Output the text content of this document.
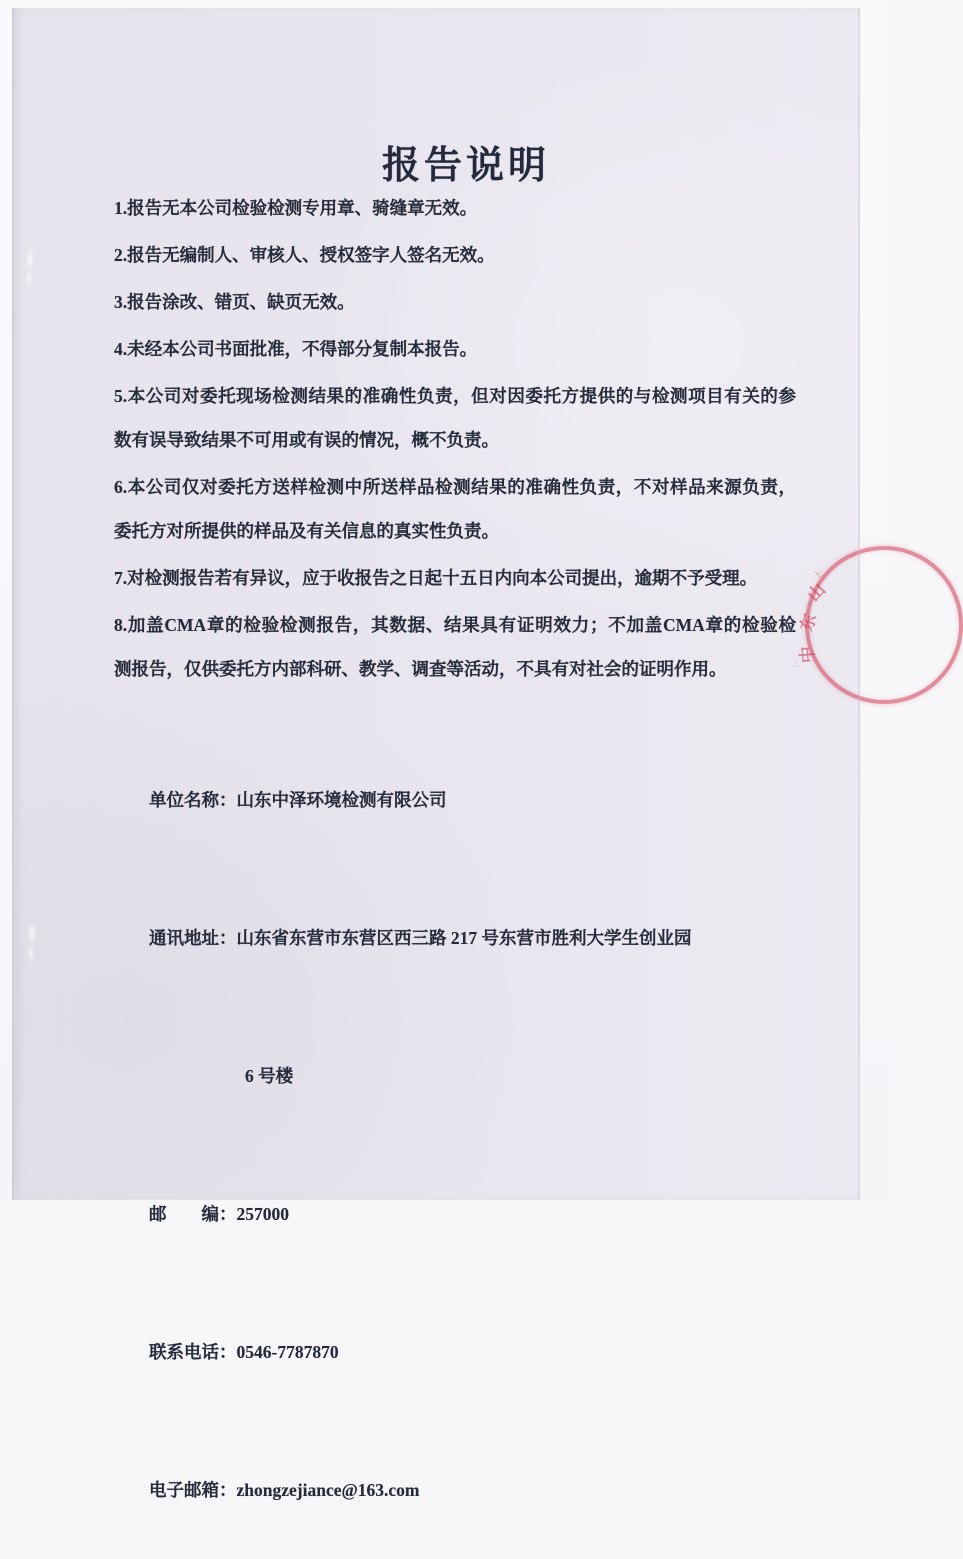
报告说明

1.报告无本公司检验检测专用章、骑缝章无效。

2.报告无编制人、审核人、授权签字人签名无效。

3.报告涂改、错页、缺页无效。

4.未经本公司书面批准，不得部分复制本报告。

5.本公司对委托现场检测结果的准确性负责，但对因委托方提供的与检测项目有关的参

数有误导致结果不可用或有误的情况，概不负责。

6.本公司仅对委托方送样检测中所送样品检测结果的准确性负责，不对样品来源负责，

委托方对所提供的样品及有关信息的真实性负责。

7.对检测报告若有异议，应于收报告之日起十五日内向本公司提出，逾期不予受理。

8.加盖CMA章的检验检测报告，其数据、结果具有证明效力；不加盖CMA章的检验检

测报告，仅供委托方内部科研、教学、调查等活动，不具有对社会的证明作用。

单位名称：山东中泽环境检测有限公司

通讯地址：山东省东营市东营区西三路 217 号东营市胜利大学生创业园

6 号楼

邮        编：257000

联系电话：0546-7787870

电子邮箱：zhongzejiance@163.com

山
东
中
十
∴
